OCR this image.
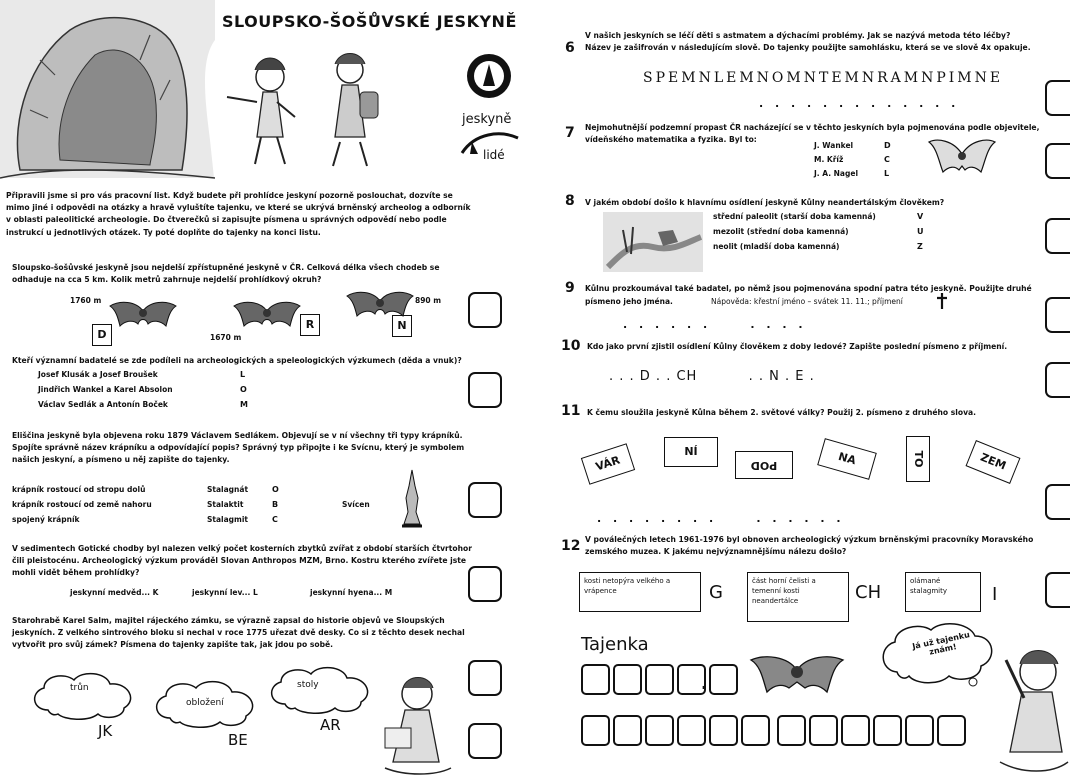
SLOUPSKO-ŠOŠŮVSKÉ JESKYNĚ
jeskyně
lidé
Připravili jsme si pro vás pracovní list. Když budete při prohlídce jeskyní pozorně poslouchat, dozvíte se
mimo jiné i odpovědi na otázky a hravě vyluštíte tajenku, ve které se ukrývá brněnský archeolog a odborník
v oblasti paleolitické archeologie. Do čtverečků si zapisujte písmena u správných odpovědí nebo podle
instrukcí u jednotlivých otázek. Ty poté doplňte do tajenky na konci listu.
Sloupsko-šošůvské jeskyně jsou nejdelší zpřístupněné jeskyně v ČR. Celková délka všech chodeb se
odhaduje na cca 5 km. Kolik metrů zahrnuje nejdelší prohlídkový okruh?
1760 m
1670 m
890 m
D
R	N
Kteří významní badatelé se zde podíleli na archeologických a speleologických výzkumech (děda a vnuk)?
Josef Klusák a Josef Broušek	L
Jindřich Wankel a Karel Absolon	O
Václav Sedlák a Antonín Boček	M
Eliščina jeskyně byla objevena roku 1879 Václavem Sedlákem. Objevují se v ní všechny tři typy krápníků.
Spojíte správně název krápníku a odpovídající popis? Správný typ připojte i ke Svícnu, který je symbolem
našich jeskyní, a písmeno u něj zapište do tajenky.
krápník rostoucí od stropu dolů	Stalagnát	O
krápník rostoucí od země nahoru	Stalaktit	B
spojený krápník	Stalagmit	C
Svícen
V sedimentech Gotické chodby byl nalezen velký počet kosterních zbytků zvířat z období starších čtvrtohor
čili pleistocénu. Archeologický výzkum prováděl Slovan Anthropos MZM, Brno. Kostru kterého zvířete jste
mohli vidět během prohlídky?
jeskynní medvěd... K	jeskynní lev... L	jeskynní hyena... M
Starohrabě Karel Salm, majitel rájeckého zámku, se výrazně zapsal do historie objevů ve Sloupských
jeskyních. Z velkého sintrového bloku si nechal v roce 1775 uřezat dvě desky. Co si z těchto desek nechal
vytvořit pro svůj zámek? Písmena do tajenky zapište tak, jak jdou po sobě.
trůn
JK
obložení
BE
stoly
AR
6
V našich jeskyních se léčí děti s astmatem a dýchacími problémy. Jak se nazývá metoda této léčby?
Název je zašifrován v následujícím slově. Do tajenky použijte samohlásku, která se ve slově 4x opakuje.
SPEMNLEMNOMNTEMNRAMNPIMNE
. . . . . . . . . . . . .
7 Nejmohutnější podzemní propast ČR nacházející se v těchto jeskyních byla pojmenována podle objevitele,
vídeňského matematika a fyzika. Byl to:
J. Wankel	D
M. Kříž	C
J. A. Nagel	L
8 V jakém období došlo k hlavnímu osídlení jeskyně Kůlny neandertálským člověkem?
střední paleolit (starší doba kamenná)	V
mezolit (střední doba kamenná)	U
neolit (mladší doba kamenná)	Z
9 Kůlnu prozkoumával také badatel, po němž jsou pojmenována spodní patra této jeskyně. Použijte druhé
písmeno jeho jména.	Nápověda: křestní jméno – svátek 11. 11.; příjmení
. . . . . .     . . . .
10 Kdo jako první zjistil osídlení Kůlny člověkem z doby ledové? Zapište poslední písmeno z příjmení.
. . . D . . CH          . . N . E .
11 K čemu sloužila jeskyně Kůlna během 2. světové války? Použij 2. písmeno z druhého slova.
VÁR
NÍ
POD	NA	TO	ZEM
. . . . . . . .     . . . . . .
12 V poválečných letech 1961-1976 byl obnoven archeologický výzkum brněnskými pracovníky Moravského
zemského muzea. K jakému nejvýznamnějšímu nálezu došlo?
kosti netopýra velkého a vrápence	G
část horní čelisti a temenní kosti neandertálce	CH
olámané stalagmity	I
Tajenka
.
Já už tajenku znám!
